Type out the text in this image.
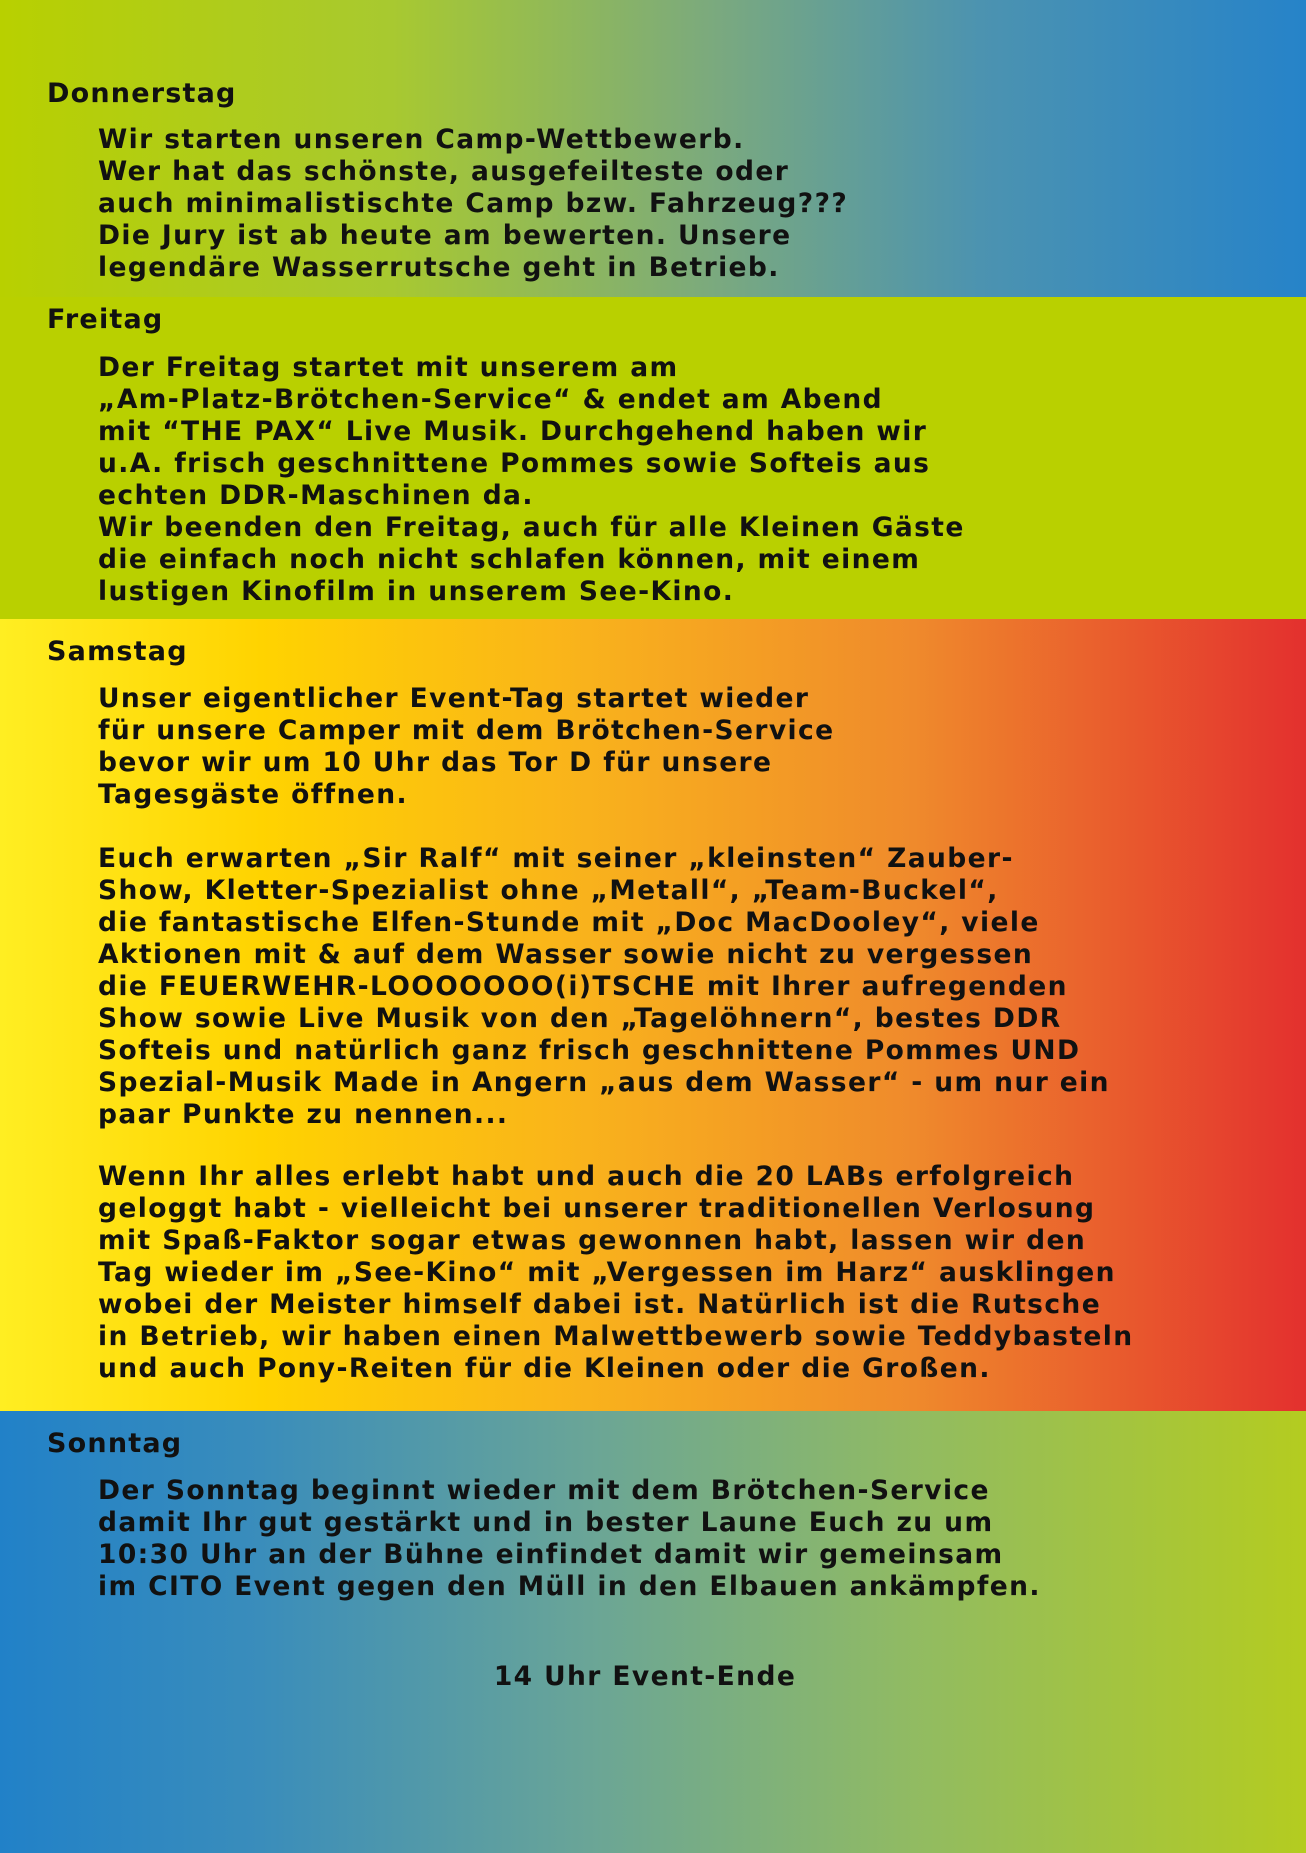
Donnerstag

Wir starten unseren Camp-Wettbewerb.
Wer hat das schönste, ausgefeilteste oder
auch minimalistischte Camp bzw. Fahrzeug???
Die Jury ist ab heute am bewerten. Unsere
legendäre Wasserrutsche geht in Betrieb.

Freitag

Der Freitag startet mit unserem am
„Am-Platz-Brötchen-Service“ & endet am Abend
mit “THE PAX“ Live Musik. Durchgehend haben wir
u.A. frisch geschnittene Pommes sowie Softeis aus
echten DDR-Maschinen da.
Wir beenden den Freitag, auch für alle Kleinen Gäste
die einfach noch nicht schlafen können, mit einem
lustigen Kinofilm in unserem See-Kino.

Samstag

Unser eigentlicher Event-Tag startet wieder
für unsere Camper mit dem Brötchen-Service
bevor wir um 10 Uhr das Tor D für unsere
Tagesgäste öffnen.

Euch erwarten „Sir Ralf“ mit seiner „kleinsten“ Zauber-
Show, Kletter-Spezialist ohne „Metall“, „Team-Buckel“,
die fantastische Elfen-Stunde mit „Doc MacDooley“, viele
Aktionen mit & auf dem Wasser sowie nicht zu vergessen
die FEUERWEHR-LOOOOOOO(i)TSCHE mit Ihrer aufregenden
Show sowie Live Musik von den „Tagelöhnern“, bestes DDR
Softeis und natürlich ganz frisch geschnittene Pommes UND
Spezial-Musik Made in Angern „aus dem Wasser“ - um nur ein
paar Punkte zu nennen...

Wenn Ihr alles erlebt habt und auch die 20 LABs erfolgreich
geloggt habt - vielleicht bei unserer traditionellen Verlosung
mit Spaß-Faktor sogar etwas gewonnen habt, lassen wir den
Tag wieder im „See-Kino“ mit „Vergessen im Harz“ ausklingen
wobei der Meister himself dabei ist. Natürlich ist die Rutsche
in Betrieb, wir haben einen Malwettbewerb sowie Teddybasteln
und auch Pony-Reiten für die Kleinen oder die Großen.

Sonntag

Der Sonntag beginnt wieder mit dem Brötchen-Service
damit Ihr gut gestärkt und in bester Laune Euch zu um
10:30 Uhr an der Bühne einfindet damit wir gemeinsam
im CITO Event gegen den Müll in den Elbauen ankämpfen.

14 Uhr Event-Ende
